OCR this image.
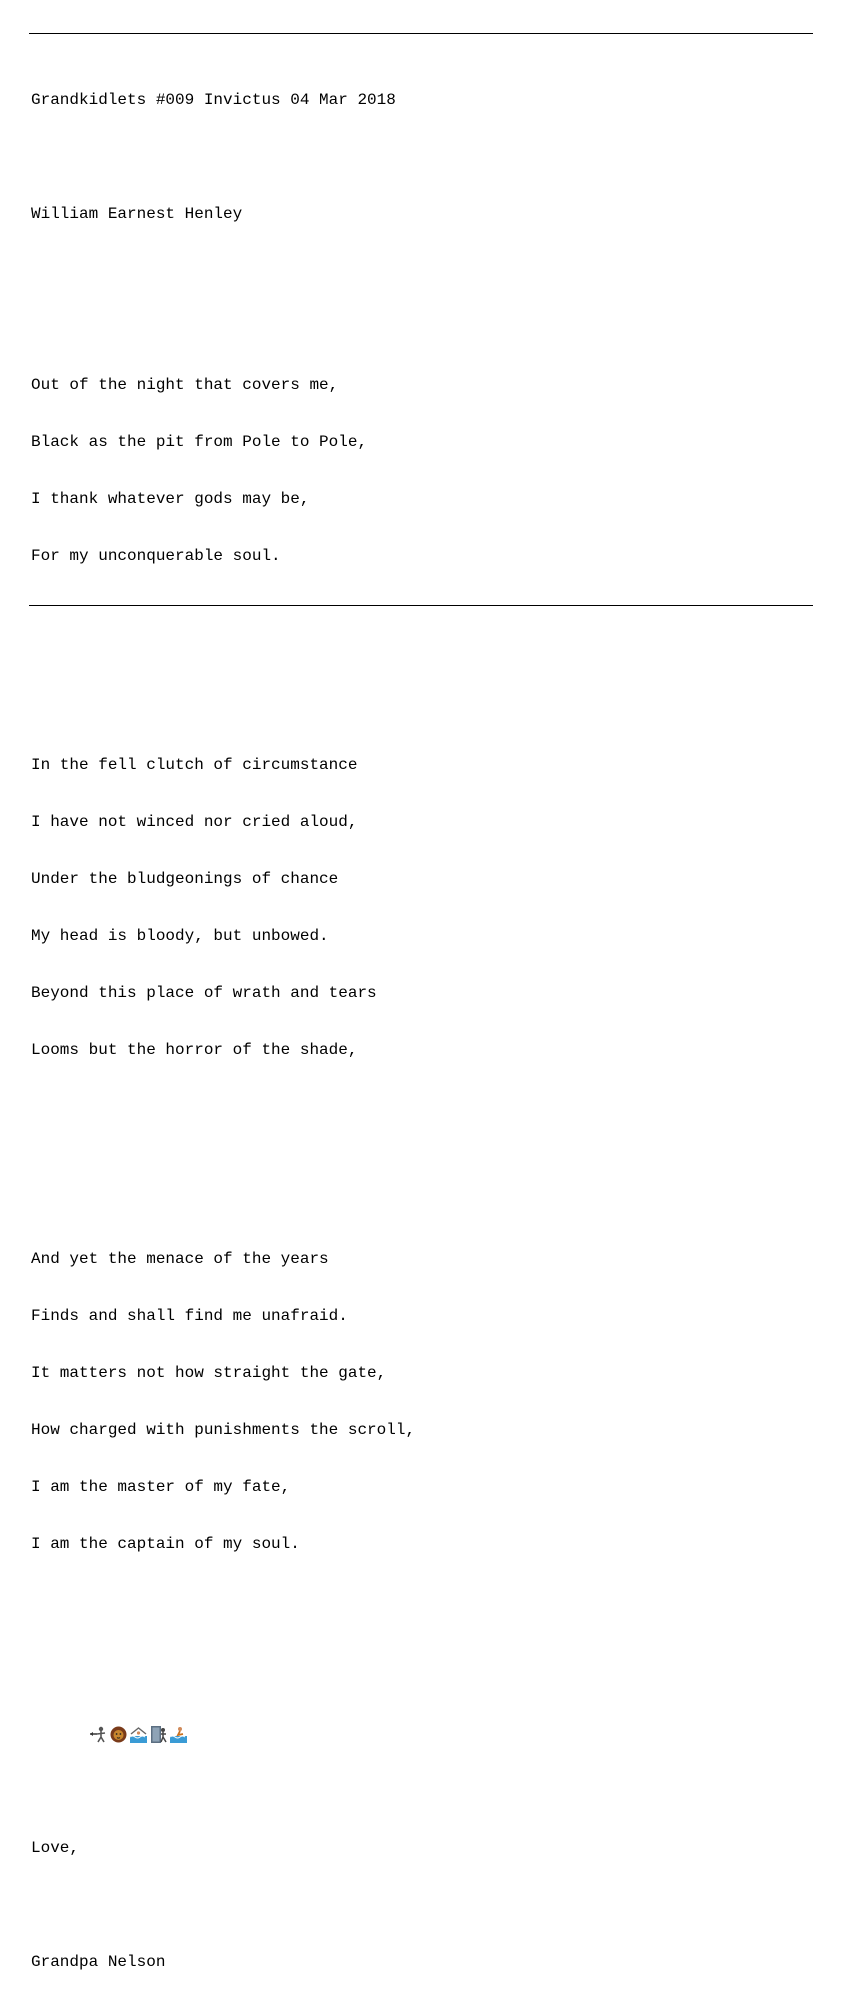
Grandkidlets #009 Invictus 04 Mar 2018

William Earnest Henley

Out of the night that covers me,

Black as the pit from Pole to Pole,

I thank whatever gods may be,

For my unconquerable soul.

In the fell clutch of circumstance

I have not winced nor cried aloud,

Under the bludgeonings of chance

My head is bloody, but unbowed.

Beyond this place of wrath and tears

Looms but the horror of the shade,

And yet the menace of the years

Finds and shall find me unafraid.

It matters not how straight the gate,

How charged with punishments the scroll,

I am the master of my fate,

I am the captain of my soul.

Love,

Grandpa Nelson
